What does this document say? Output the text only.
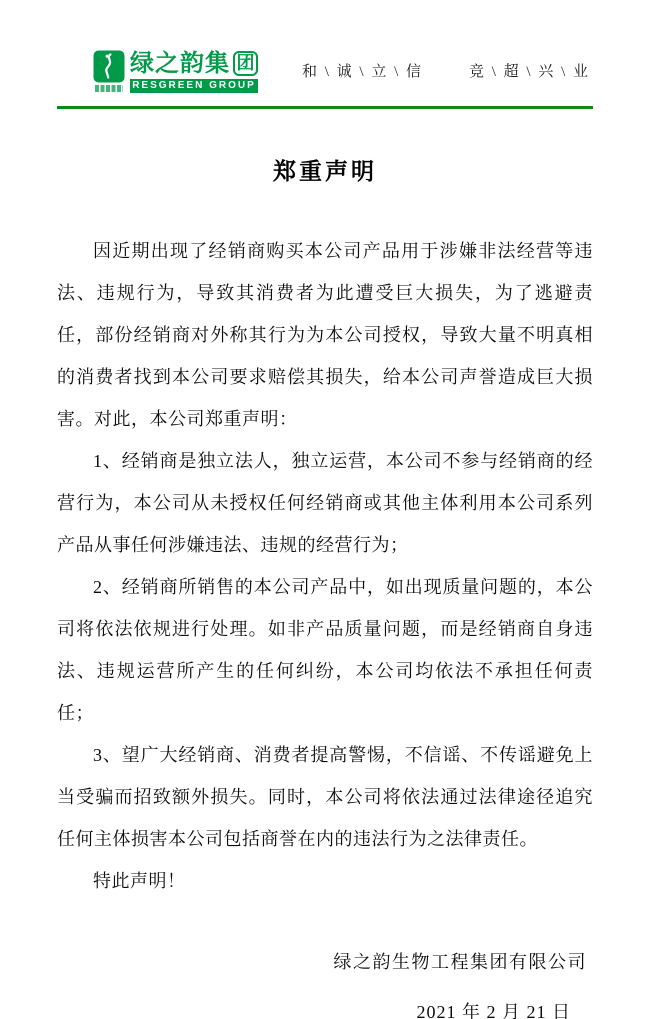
绿之韵集 团
RESGREEN GROUP
和 \ 诚 \ 立 \ 信	竞 \ 超 \ 兴 \ 业
郑重声明

因近期出现了经销商购买本公司产品用于涉嫌非法经营等违法、违规行为，导致其消费者为此遭受巨大损失，为了逃避责任，部份经销商对外称其行为为本公司授权，导致大量不明真相的消费者找到本公司要求赔偿其损失，给本公司声誉造成巨大损害。对此，本公司郑重声明：

1、经销商是独立法人，独立运营，本公司不参与经销商的经营行为，本公司从未授权任何经销商或其他主体利用本公司系列产品从事任何涉嫌违法、违规的经营行为；

2、经销商所销售的本公司产品中，如出现质量问题的，本公司将依法依规进行处理。如非产品质量问题，而是经销商自身违法、违规运营所产生的任何纠纷，本公司均依法不承担任何责任；

3、望广大经销商、消费者提高警惕，不信谣、不传谣避免上当受骗而招致额外损失。同时，本公司将依法通过法律途径追究任何主体损害本公司包括商誉在内的违法行为之法律责任。

特此声明！

绿之韵生物工程集团有限公司
2021 年 2 月 21 日
